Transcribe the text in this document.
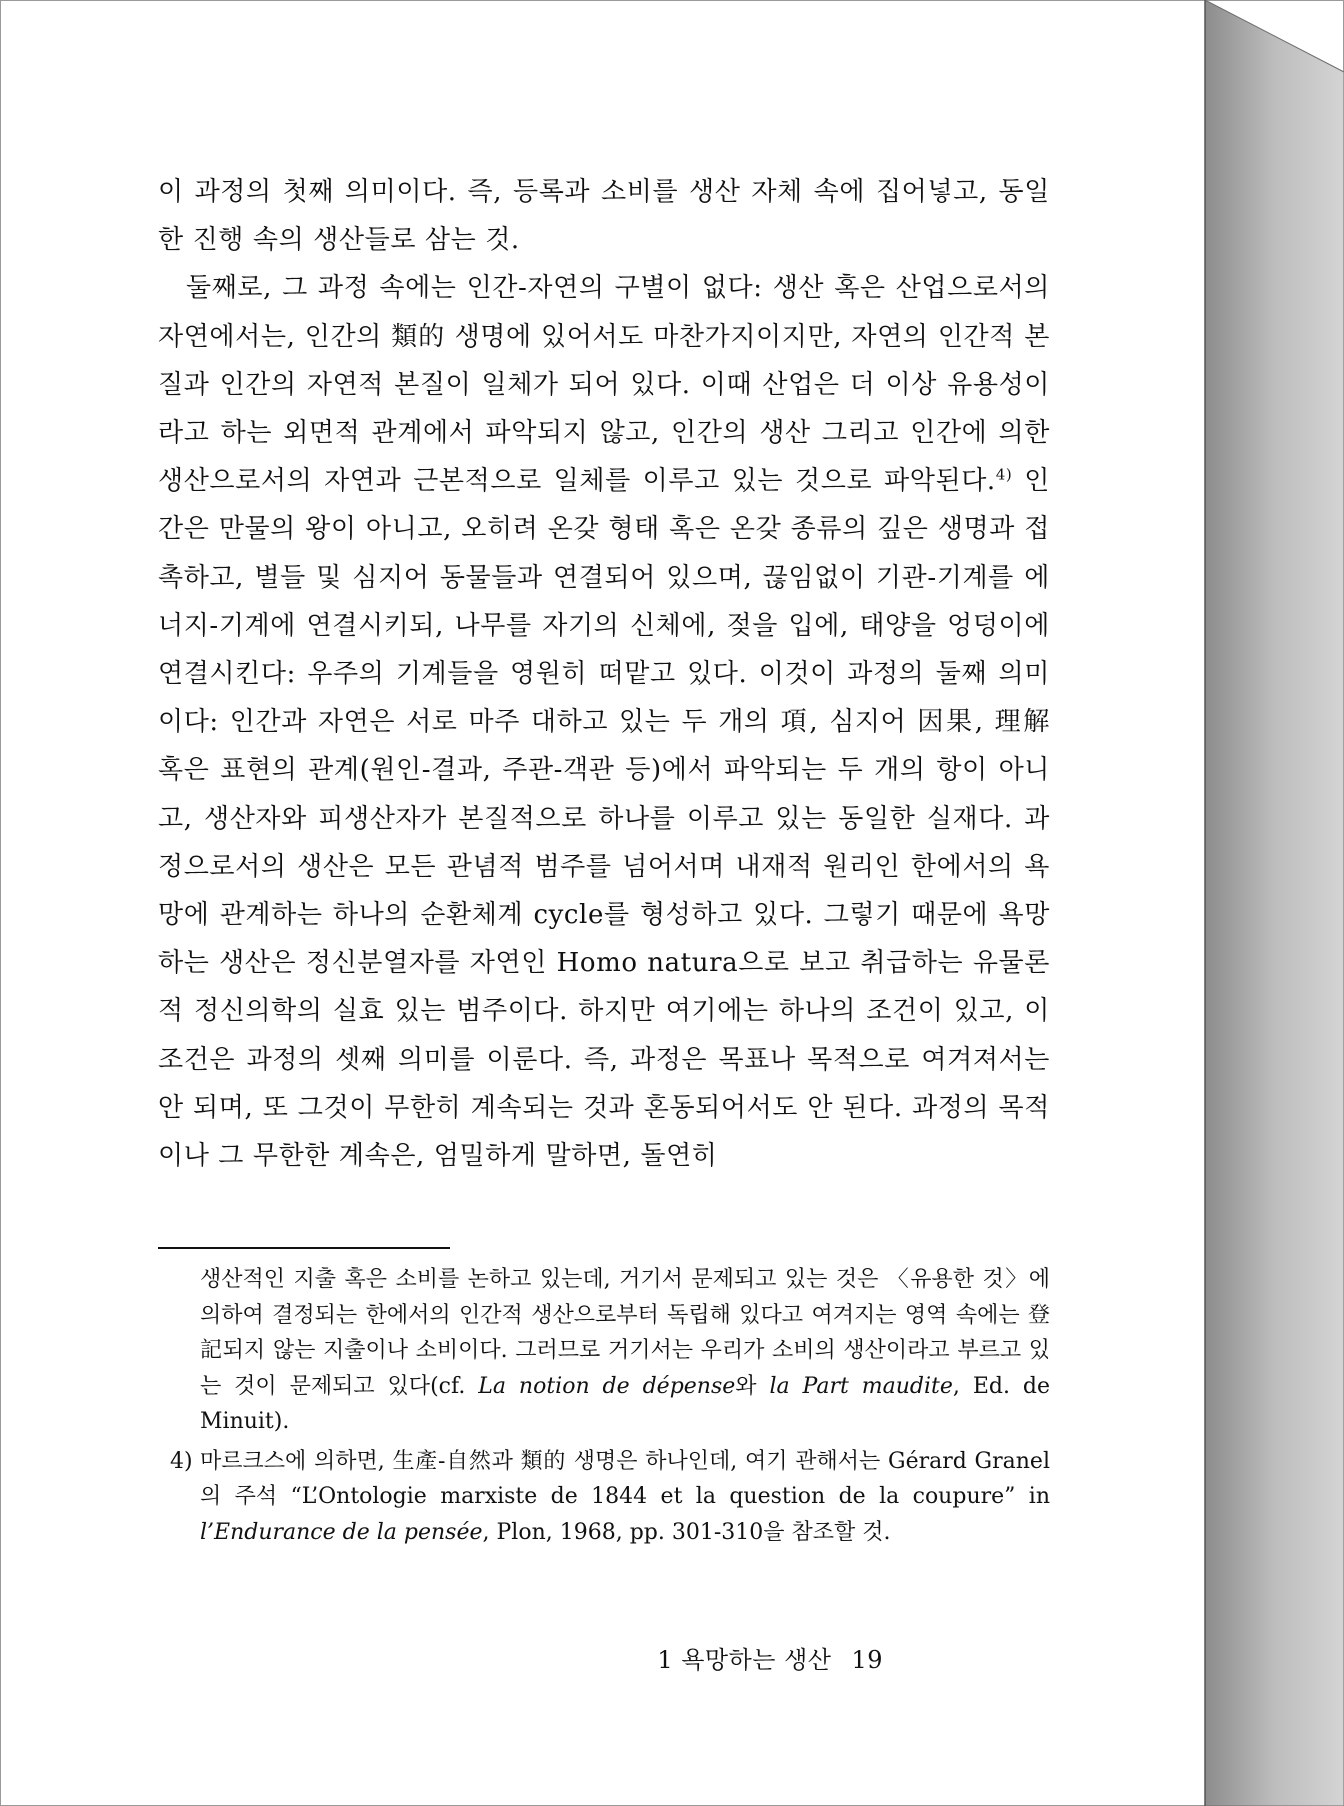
이 과정의 첫째 의미이다. 즉, 등록과 소비를 생산 자체 속에 집어넣고, 동일한 진행 속의 생산들로 삼는 것.

둘째로, 그 과정 속에는 인간-자연의 구별이 없다: 생산 혹은 산업으로서의 자연에서는, 인간의 類的 생명에 있어서도 마찬가지이지만, 자연의 인간적 본질과 인간의 자연적 본질이 일체가 되어 있다. 이때 산업은 더 이상 유용성이라고 하는 외면적 관계에서 파악되지 않고, 인간의 생산 그리고 인간에 의한 생산으로서의 자연과 근본적으로 일체를 이루고 있는 것으로 파악된다.$^{4)}$ 인간은 만물의 왕이 아니고, 오히려 온갖 형태 혹은 온갖 종류의 깊은 생명과 접촉하고, 별들 및 심지어 동물들과 연결되어 있으며, 끊임없이 기관-기계를 에너지-기계에 연결시키되, 나무를 자기의 신체에, 젖을 입에, 태양을 엉덩이에 연결시킨다: 우주의 기계들을 영원히 떠맡고 있다. 이것이 과정의 둘째 의미이다: 인간과 자연은 서로 마주 대하고 있는 두 개의 項, 심지어 因果, 理解 혹은 표현의 관계(원인-결과, 주관-객관 등)에서 파악되는 두 개의 항이 아니고, 생산자와 피생산자가 본질적으로 하나를 이루고 있는 동일한 실재다. 과정으로서의 생산은 모든 관념적 범주를 넘어서며 내재적 원리인 한에서의 욕망에 관계하는 하나의 순환체계 cycle를 형성하고 있다. 그렇기 때문에 욕망하는 생산은 정신분열자를 자연인 Homo natura으로 보고 취급하는 유물론적 정신의학의 실효 있는 범주이다. 하지만 여기에는 하나의 조건이 있고, 이 조건은 과정의 셋째 의미를 이룬다. 즉, 과정은 목표나 목적으로 여겨져서는 안 되며, 또 그것이 무한히 계속되는 것과 혼동되어서도 안 된다. 과정의 목적이나 그 무한한 계속은, 엄밀하게 말하면, 돌연히

생산적인 지출 혹은 소비를 논하고 있는데, 거기서 문제되고 있는 것은 〈유용한 것〉에 의하여 결정되는 한에서의 인간적 생산으로부터 독립해 있다고 여겨지는 영역 속에는 登記되지 않는 지출이나 소비이다. 그러므로 거기서는 우리가 소비의 생산이라고 부르고 있는 것이 문제되고 있다(cf. La notion de dépense와 la Part maudite, Ed. de Minuit).

4) 마르크스에 의하면, 生產-自然과 類的 생명은 하나인데, 여기 관해서는 Gérard Granel의 주석 “L’Ontologie marxiste de 1844 et la question de la coupure” in l’Endurance de la pensée, Plon, 1968, pp. 301-310을 참조할 것.

1 욕망하는 생산 19
